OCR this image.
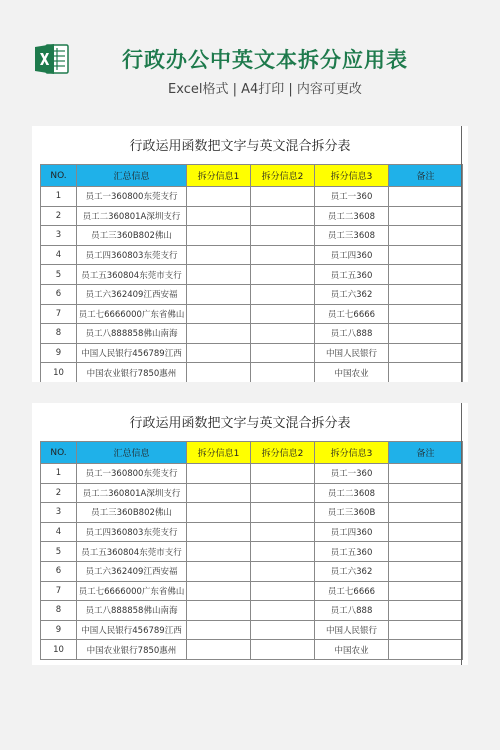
行政办公中英文本拆分应用表
Excel格式 | A4打印 | 内容可更改
行政运用函数把文字与英文混合拆分表
NO.	汇总信息	拆分信息1	拆分信息2	拆分信息3	备注
1	员工一360800东莞支行			员工一360	
2	员工二360801A深圳支行			员工二3608	
3	员工三360B802佛山			员工三3608	
4	员工四360803东莞支行			员工四360	
5	员工五360804东莞市支行			员工五360	
6	员工六362409江西安福			员工六362	
7	员工七6666000广东省佛山			员工七6666	
8	员工八888858佛山南海			员工八888	
9	中国人民银行456789江西			中国人民银行	
10	中国农业银行7850惠州			中国农业	
行政运用函数把文字与英文混合拆分表
NO.	汇总信息	拆分信息1	拆分信息2	拆分信息3	备注
1	员工一360800东莞支行			员工一360	
2	员工二360801A深圳支行			员工二3608	
3	员工三360B802佛山			员工三360B	
4	员工四360803东莞支行			员工四360	
5	员工五360804东莞市支行			员工五360	
6	员工六362409江西安福			员工六362	
7	员工七6666000广东省佛山			员工七6666	
8	员工八888858佛山南海			员工八888	
9	中国人民银行456789江西			中国人民银行	
10	中国农业银行7850惠州			中国农业	
